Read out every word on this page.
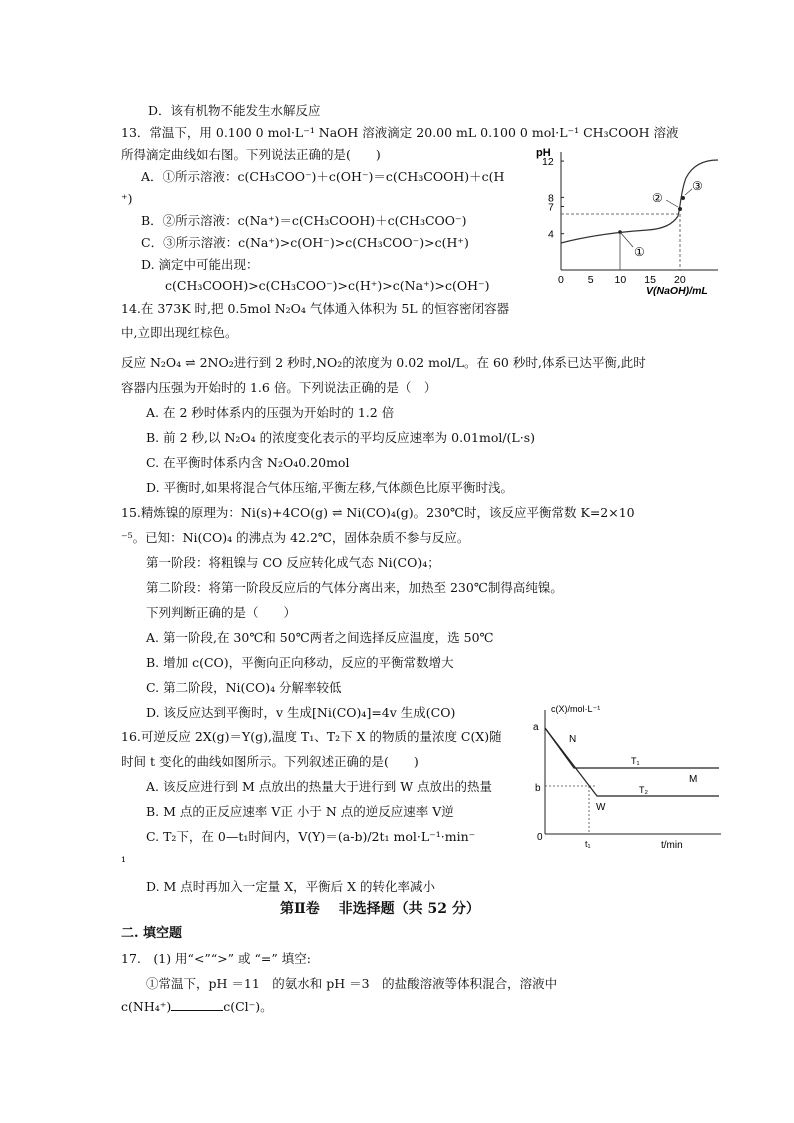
D．该有机物不能发生水解反应
13．常温下，用 0.100 0 mol·L⁻¹ NaOH 溶液滴定 20.00 mL 0.100 0 mol·L⁻¹ CH₃COOH 溶液
所得滴定曲线如右图。下列说法正确的是(　　)
A．①所示溶液：c(CH₃COO⁻)＋c(OH⁻)＝c(CH₃COOH)＋c(H
⁺)
B．②所示溶液：c(Na⁺)＝c(CH₃COOH)＋c(CH₃COO⁻)
C．③所示溶液：c(Na⁺)>c(OH⁻)>c(CH₃COO⁻)>c(H⁺)
D. 滴定中可能出现：
c(CH₃COOH)>c(CH₃COO⁻)>c(H⁺)>c(Na⁺)>c(OH⁻)
14.在 373K 时,把 0.5mol N₂O₄ 气体通入体积为 5L 的恒容密闭容器
中,立即出现红棕色。
反应 N₂O₄ ⇌ 2NO₂进行到 2 秒时,NO₂的浓度为 0.02 mol/L。在 60 秒时,体系已达平衡,此时
容器内压强为开始时的 1.6 倍。下列说法正确的是（　）
A. 在 2 秒时体系内的压强为开始时的 1.2 倍
B. 前 2 秒,以 N₂O₄ 的浓度变化表示的平均反应速率为 0.01mol/(L·s)
C. 在平衡时体系内含 N₂O₄0.20mol
D. 平衡时,如果将混合气体压缩,平衡左移,气体颜色比原平衡时浅。
15.精炼镍的原理为：Ni(s)+4CO(g) ⇌ Ni(CO)₄(g)。230℃时，该反应平衡常数 K=2×10
⁻⁵。已知：Ni(CO)₄ 的沸点为 42.2℃，固体杂质不参与反应。
第一阶段：将粗镍与 CO 反应转化成气态 Ni(CO)₄；
第二阶段：将第一阶段反应后的气体分离出来，加热至 230℃制得高纯镍。
下列判断正确的是（　　）
A. 第一阶段,在 30℃和 50℃两者之间选择反应温度，选 50℃
B. 增加 c(CO)，平衡向正向移动，反应的平衡常数增大
C. 第二阶段，Ni(CO)₄ 分解率较低
D. 该反应达到平衡时，v 生成[Ni(CO)₄]=4v 生成(CO)
16.可逆反应 2X(g)＝Y(g),温度 T₁、T₂下 X 的物质的量浓度 C(X)随
时间 t 变化的曲线如图所示。下列叙述正确的是(　　)
A. 该反应进行到 M 点放出的热量大于进行到 W 点放出的热量
B. M 点的正反应速率 V正 小于 N 点的逆反应速率 V逆
C. T₂下，在 0—t₁时间内，V(Y)＝(a-b)/2t₁ mol·L⁻¹·min⁻
¹
D. M 点时再加入一定量 X，平衡后 X 的转化率减小
第Ⅱ卷　 非选择题（共 52 分）
二. 填空题
17.　(1) 用“<”“>” 或 “=” 填空:
①常温下，pH ＝11　的氨水和 pH ＝3　的盐酸溶液等体积混合，溶液中
c(NH₄⁺)	c(Cl⁻)。
pH
4
7
8
12
0 5 10 15 20
V(NaOH)/mL
①
②
③
c(X)/mol·L⁻¹
a
b
0
t₁	t/min
N
T₁
M
T₂
W
